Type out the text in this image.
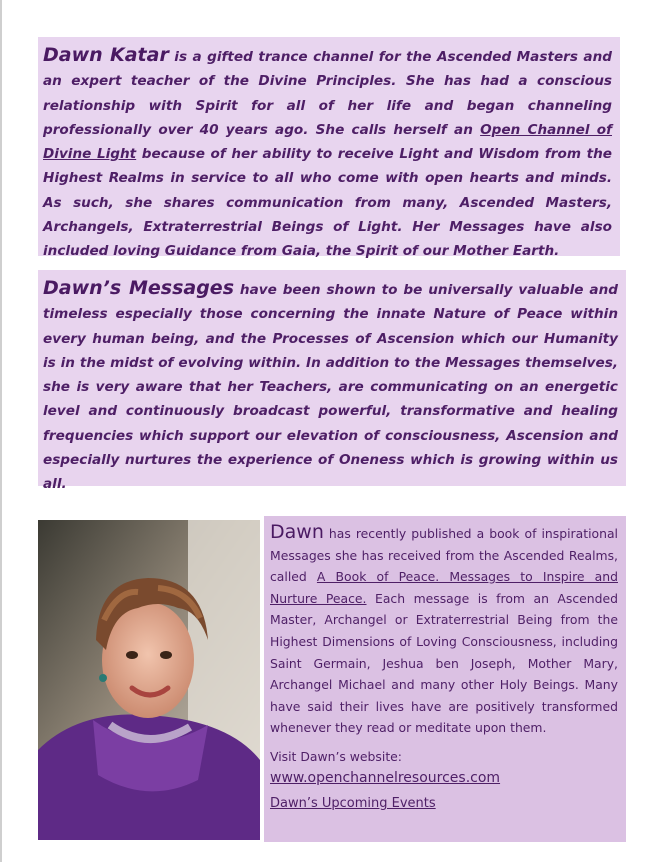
Dawn Katar is a gifted trance channel for the Ascended Masters and an expert teacher of the Divine Principles. She has had a conscious relationship with Spirit for all of her life and began channeling professionally over 40 years ago. She calls herself an Open Channel of Divine Light because of her ability to receive Light and Wisdom from the Highest Realms in service to all who come with open hearts and minds. As such, she shares communication from many, Ascended Masters, Archangels, Extraterrestrial Beings of Light. Her Messages have also included loving Guidance from Gaia, the Spirit of our Mother Earth.

Dawn’s Messages have been shown to be universally valuable and timeless especially those concerning the innate Nature of Peace within every human being, and the Processes of Ascension which our Humanity is in the midst of evolving within. In addition to the Messages themselves, she is very aware that her Teachers, are communicating on an energetic level and continuously broadcast powerful, transformative and healing frequencies which support our elevation of consciousness, Ascension and especially nurtures the experience of Oneness which is growing within us all.

Dawn has recently published a book of inspirational Messages she has received from the Ascended Realms, called A Book of Peace. Messages to Inspire and Nurture Peace. Each message is from an Ascended Master, Archangel or Extraterrestrial Being from the Highest Dimensions of Loving Consciousness, including Saint Germain, Jeshua ben Joseph, Mother Mary, Archangel Michael and many other Holy Beings. Many have said their lives have are positively transformed whenever they read or meditate upon them.

Visit Dawn’s website:

www.openchannelresources.com
Dawn’s Upcoming Events
